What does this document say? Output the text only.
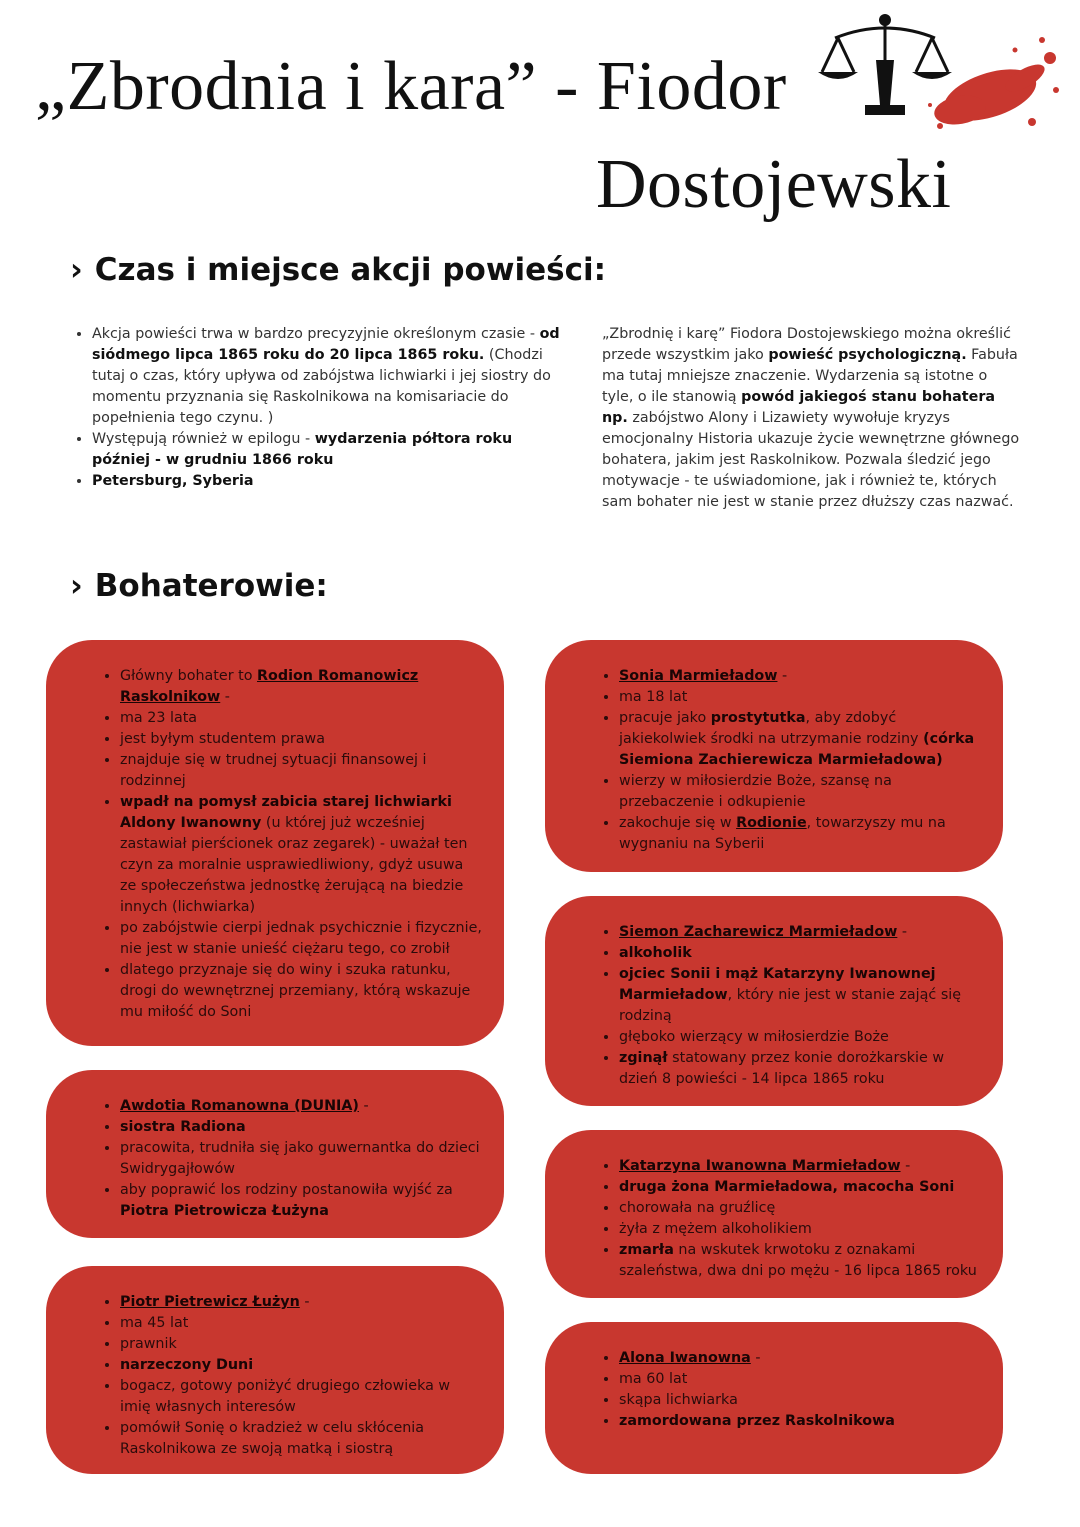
„Zbrodnia i kara” - Fiodor
Dostojewski
› Czas i miejsce akcji powieści:
• Akcja powieści trwa w bardzo precyzyjnie określonym czasie - od siódmego lipca 1865 roku do 20 lipca 1865 roku. (Chodzi tutaj o czas, który upływa od zabójstwa lichwiarki i jej siostry do momentu przyznania się Raskolnikowa na komisariacie do popełnienia tego czynu. )
• Występują również w epilogu - wydarzenia półtora roku później - w grudniu 1866 roku
• Petersburg, Syberia
„Zbrodnię i karę” Fiodora Dostojewskiego można określić przede wszystkim jako powieść psychologiczną. Fabuła ma tutaj mniejsze znaczenie. Wydarzenia są istotne o tyle, o ile stanowią powód jakiegoś stanu bohatera np. zabójstwo Alony i Lizawiety wywołuje kryzys emocjonalny Historia ukazuje życie wewnętrzne głównego bohatera, jakim jest Raskolnikow. Pozwala śledzić jego motywacje - te uświadomione, jak i również te, których sam bohater nie jest w stanie przez dłuższy czas nazwać.
› Bohaterowie:
• Główny bohater to Rodion Romanowicz Raskolnikow -
• ma 23 lata
• jest byłym studentem prawa
• znajduje się w trudnej sytuacji finansowej i rodzinnej
• wpadł na pomysł zabicia starej lichwiarki Aldony Iwanowny (u której już wcześniej zastawiał pierścionek oraz zegarek) - uważał ten czyn za moralnie usprawiedliwiony, gdyż usuwa ze społeczeństwa jednostkę żerującą na biedzie innych (lichwiarka)
• po zabójstwie cierpi jednak psychicznie i fizycznie, nie jest w stanie unieść ciężaru tego, co zrobił
• dlatego przyznaje się do winy i szuka ratunku, drogi do wewnętrznej przemiany, którą wskazuje mu miłość do Soni
• Awdotia Romanowna (DUNIA) -
• siostra Radiona
• pracowita, trudniła się jako guwernantka do dzieci Swidrygajłowów
• aby poprawić los rodziny postanowiła wyjść za Piotra Pietrowicza Łużyna
• Piotr Pietrewicz Łużyn -
• ma 45 lat
• prawnik
• narzeczony Duni
• bogacz, gotowy poniżyć drugiego człowieka w imię własnych interesów
• pomówił Sonię o kradzież w celu skłócenia Raskolnikowa ze swoją matką i siostrą
• Sonia Marmieładow -
• ma 18 lat
• pracuje jako prostytutka, aby zdobyć jakiekolwiek środki na utrzymanie rodziny (córka Siemiona Zachierewicza Marmieładowa)
• wierzy w miłosierdzie Boże, szansę na przebaczenie i odkupienie
• zakochuje się w Rodionie, towarzyszy mu na wygnaniu na Syberii
• Siemon Zacharewicz Marmieładow -
• alkoholik
• ojciec Sonii i mąż Katarzyny Iwanownej Marmieładow, który nie jest w stanie zająć się rodziną
• głęboko wierzący w miłosierdzie Boże
• zginął statowany przez konie dorożkarskie w dzień 8 powieści - 14 lipca 1865 roku
• Katarzyna Iwanowna Marmieładow -
• druga żona Marmieładowa, macocha Soni
• chorowała na gruźlicę
• żyła z mężem alkoholikiem
• zmarła na wskutek krwotoku z oznakami szaleństwa, dwa dni po mężu - 16 lipca 1865 roku
• Alona Iwanowna -
• ma 60 lat
• skąpa lichwiarka
• zamordowana przez Raskolnikowa
